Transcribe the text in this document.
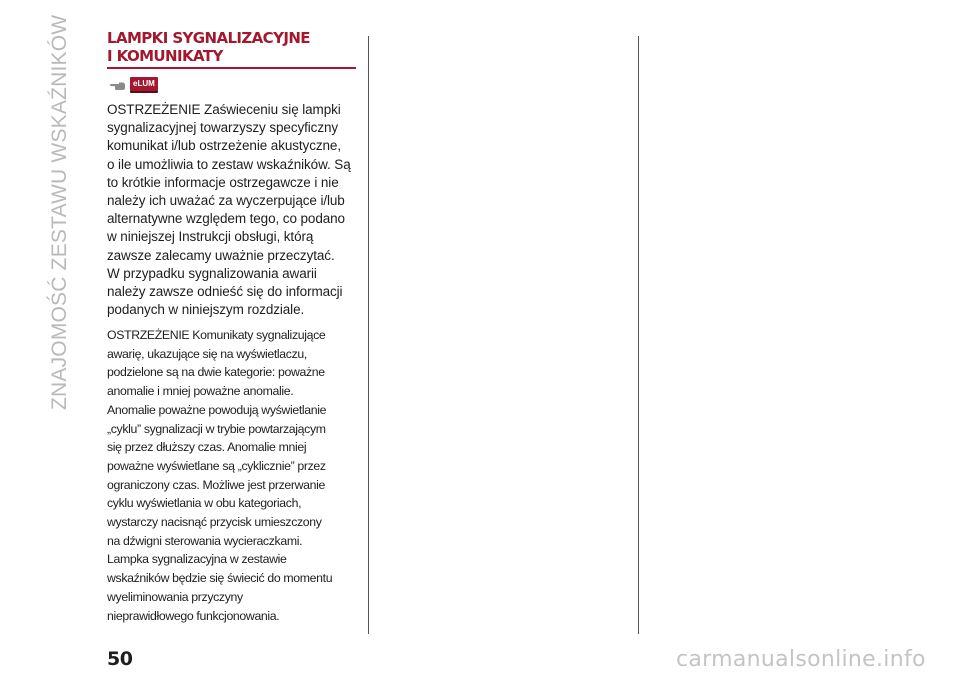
ZNAJOMOŚĆ ZESTAWU WSKAŹNIKÓW LAMPKI SYGNALIZACYJNE
I KOMUNIKATY
eLUM

OSTRZEŻENIE Zaświeceniu się lampki
sygnalizacyjnej towarzyszy specyficzny
komunikat i/lub ostrzeżenie akustyczne,
o ile umożliwia to zestaw wskaźników. Są
to krótkie informacje ostrzegawcze i nie
należy ich uważać za wyczerpujące i/lub
alternatywne względem tego, co podano
w niniejszej Instrukcji obsługi, którą
zawsze zalecamy uważnie przeczytać.
W przypadku sygnalizowania awarii
należy zawsze odnieść się do informacji
podanych w niniejszym rozdziale.

OSTRZEŻENIE Komunikaty sygnalizujące
awarię, ukazujące się na wyświetlaczu,
podzielone są na dwie kategorie: poważne
anomalie i mniej poważne anomalie.
Anomalie poważne powodują wyświetlanie
„cyklu” sygnalizacji w trybie powtarzającym
się przez dłuższy czas. Anomalie mniej
poważne wyświetlane są „cyklicznie” przez
ograniczony czas. Możliwe jest przerwanie
cyklu wyświetlania w obu kategoriach,
wystarczy nacisnąć przycisk umieszczony
na dźwigni sterowania wycieraczkami.
Lampka sygnalizacyjna w zestawie
wskaźników będzie się świecić do momentu
wyeliminowania przyczyny
nieprawidłowego funkcjonowania.

50	carmanualsonline.info
